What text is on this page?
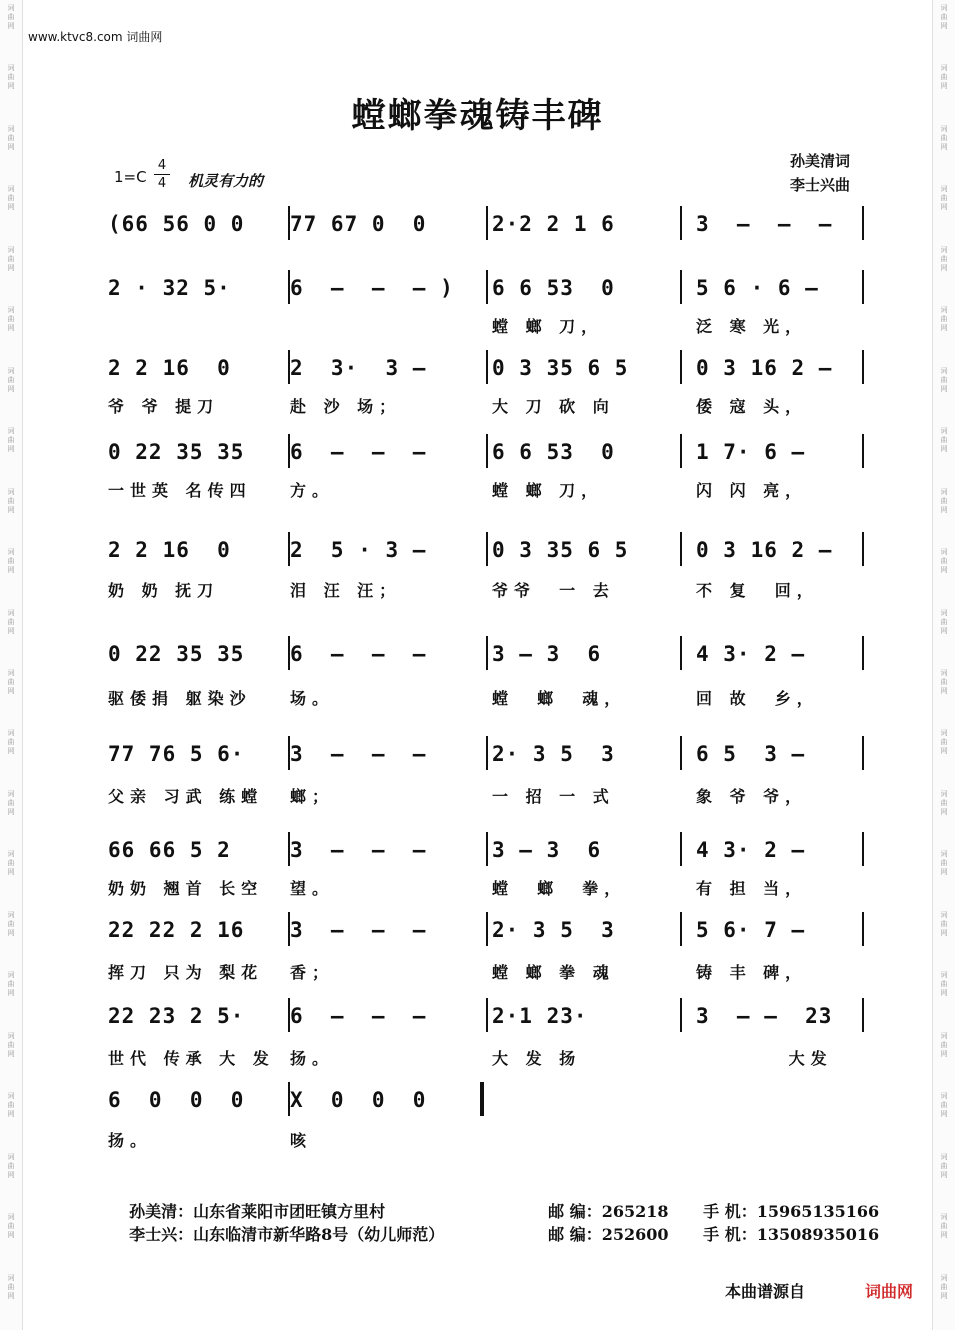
词
曲
网
词
曲
网
词
曲
网
词
曲
网
词
曲
网
词
曲
网
词
曲
网
词
曲
网
词
曲
网
词
曲
网
词
曲
网
词
曲
网
词
曲
网
词
曲
网
词
曲
网
词
曲
网
词
曲
网
词
曲
网
词
曲
网
词
曲
网
词
曲
网
词
曲
网
词
曲
网
词
曲
网
词
曲
网
词
曲
网
词
曲
网
词
曲
网
词
曲
网
词
曲
网
词
曲
网
词
曲
网
词
曲
网
词
曲
网
词
曲
网
词
曲
网
词
曲
网
词
曲
网
词
曲
网
词
曲
网
词
曲
网
词
曲
网
词
曲
网
词
曲
网
www.ktvc8.com 词曲网
螳螂拳魂铸丰碑
1=C
4
4 机灵有力的
孙美清词
李士兴曲
(66 56 0 0	77 67 0  0	2·2 2 1 6	3  –  –  –
2 · 32 5·	6  –  –  – )	6 6 53  0	5 6 · 6 –
螳 螂 刀，	泛 寒 光，
2 2 16  0	2  3·  3 –	0 3 35 6 5	0 3 16 2 –
爷 爷 提刀	赴 沙 场；	大 刀 砍 向	倭 寇 头，
0 22 35 35	6  –  –  –	6 6 53  0	1 7· 6 –
一世英 名传四	方。	螳 螂 刀，	闪 闪 亮，
2 2 16  0	2  5 · 3 –	0 3 35 6 5	0 3 16 2 –
奶 奶 抚刀	泪 汪 汪；	爷爷  一 去	不 复  回，
0 22 35 35	6  –  –  –	3 – 3  6	4 3· 2 –
驱倭捐 躯染沙	场。	螳  螂  魂，	回 故  乡，
77 76 5 6·	3  –  –  –	2· 3 5  3	6 5  3 –
父亲 习武 练螳	螂；	一 招 一 式	象 爷 爷，
66 66 5 2	3  –  –  –	3 – 3  6	4 3· 2 –
奶奶 翘首 长空	望。	螳  螂  拳，	有 担 当，
22 22 2 16	3  –  –  –	2· 3 5  3	5 6· 7 –
挥刀 只为 梨花	香；	螳 螂 拳 魂	铸 丰 碑，
22 23 2 5·	6  –  –  –	2·1 23·	3  – –  23
世代 传承 大 发 扬。	大 发 扬	大发
6  0  0  0	X  0  0  0
扬。	咳

孙美清：山东省莱阳市团旺镇方里村	邮 编：265218	手 机：15965135166

李士兴：山东临清市新华路8号（幼儿师范）	邮 编：252600	手 机：13508935016

本曲谱源自	词曲网
